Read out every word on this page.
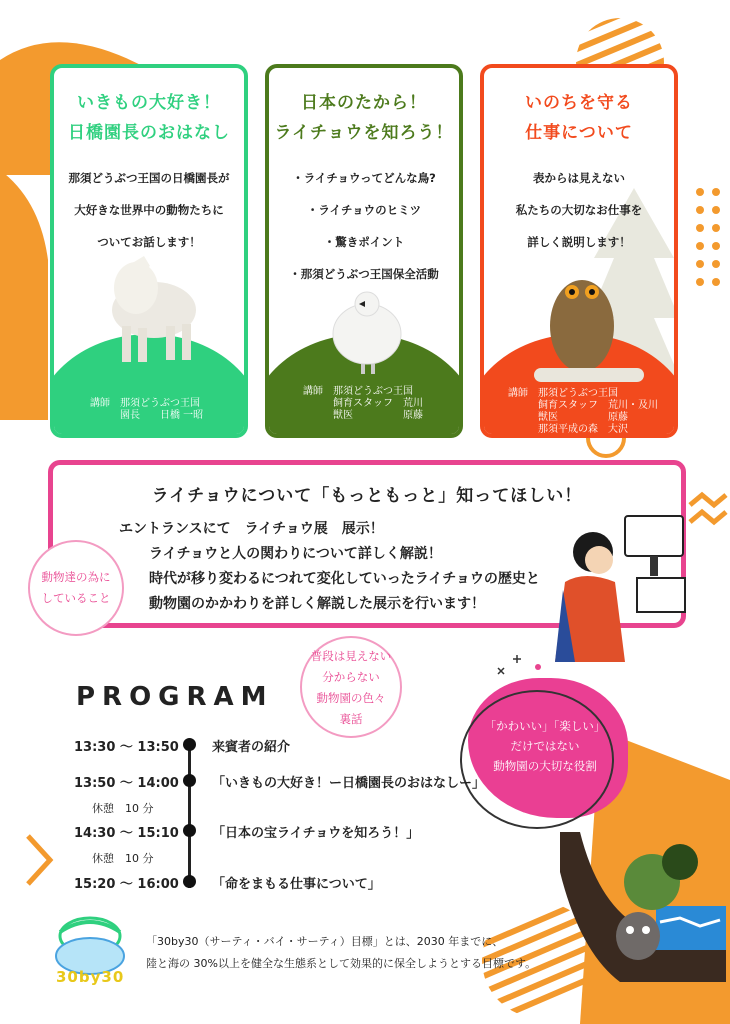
いきもの大好き！
日橋園長のおはなし
那須どうぶつ王国の日橋園長が
大好きな世界中の動物たちに
ついてお話します！
講師　那須どうぶつ王国
　　　園長　　日橋 一昭
日本のたから！
ライチョウを知ろう！
・ライチョウってどんな鳥?
・ライチョウのヒミツ
・驚きポイント
・那須どうぶつ王国保全活動
講師　那須どうぶつ王国
　　　飼育スタッフ　荒川
　　　獣医　　　　　原藤
いのちを守る
仕事について
表からは見えない
私たちの大切なお仕事を
詳しく説明します！
講師　那須どうぶつ王国
　　　飼育スタッフ　荒川・及川
　　　獣医　　　　　原藤
　　　那須平成の森　大沢
ライチョウについて「もっともっと」知ってほしい！
エントランスにて　ライチョウ展　展示！
ライチョウと人の関わりについて詳しく解説！
時代が移り変わるにつれて変化していったライチョウの歴史と
動物園のかかわりを詳しく解説した展示を行います！
動物達の為に
していること
普段は見えない
分からない
動物園の色々
裏話	「かわいい」「楽しい」
だけではない
動物園の大切な役割
PROGRAM
13:30 ～ 13:50	来賓者の紹介
13:50 ～ 14:00	「いきもの大好き！ー日橋園長のおはなしー」
休憩　10 分
14:30 ～ 15:10	「日本の宝ライチョウを知ろう！」
休憩　10 分
15:20 ～ 16:00	「命をまもる仕事について」
30by30
「30by30（サーティ・バイ・サーティ）目標」とは、2030 年までに、
陸と海の 30%以上を健全な生態系として効果的に保全しようとする目標です。
